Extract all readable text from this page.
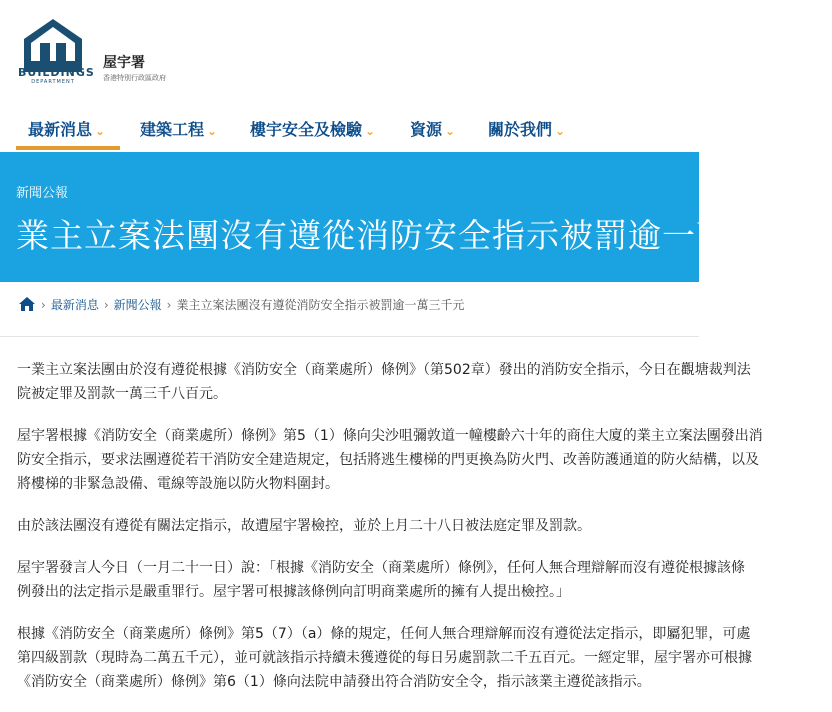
BUILDINGS
DEPARTMENT
屋宇署
香港特別行政區政府
最新消息 ⌄ 建築工程 ⌄ 樓宇安全及檢驗 ⌄ 資源 ⌄ 關於我們 ⌄
新聞公報
業主立案法團沒有遵從消防安全指示被罰逾一萬三千元
› 最新消息 › 新聞公報 › 業主立案法團沒有遵從消防安全指示被罰逾一萬三千元

一業主立案法團由於沒有遵從根據《消防安全（商業處所）條例》（第502章）發出的消防安全指示，今日在觀塘裁判法
院被定罪及罰款一萬三千八百元。

屋宇署根據《消防安全（商業處所）條例》第5（1）條向尖沙咀彌敦道一幢樓齡六十年的商住大廈的業主立案法團發出消
防安全指示，要求法團遵從若干消防安全建造規定，包括將逃生樓梯的門更換為防火門、改善防護通道的防火結構，以及
將樓梯的非緊急設備、電線等設施以防火物料圍封。

由於該法團沒有遵從有關法定指示，故遭屋宇署檢控，並於上月二十八日被法庭定罪及罰款。

屋宇署發言人今日（一月二十一日）說：「根據《消防安全（商業處所）條例》，任何人無合理辯解而沒有遵從根據該條
例發出的法定指示是嚴重罪行。屋宇署可根據該條例向訂明商業處所的擁有人提出檢控。」

根據《消防安全（商業處所）條例》第5（7）（a）條的規定，任何人無合理辯解而沒有遵從法定指示，即屬犯罪，可處
第四級罰款（現時為二萬五千元），並可就該指示持續未獲遵從的每日另處罰款二千五百元。一經定罪，屋宇署亦可根據
《消防安全（商業處所）條例》第6（1）條向法院申請發出符合消防安全令，指示該業主遵從該指示。
